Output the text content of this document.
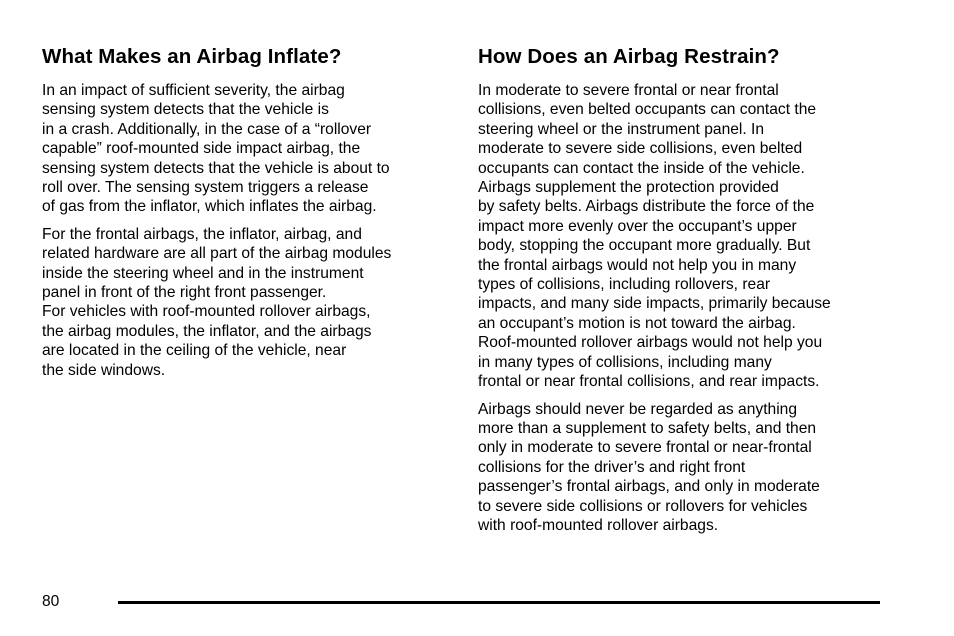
What Makes an Airbag Inflate?

In an impact of sufficient severity, the airbag
sensing system detects that the vehicle is
in a crash. Additionally, in the case of a “rollover
capable” roof-mounted side impact airbag, the
sensing system detects that the vehicle is about to
roll over. The sensing system triggers a release
of gas from the inflator, which inflates the airbag.

For the frontal airbags, the inflator, airbag, and
related hardware are all part of the airbag modules
inside the steering wheel and in the instrument
panel in front of the right front passenger.

For vehicles with roof-mounted rollover airbags,
the airbag modules, the inflator, and the airbags
are located in the ceiling of the vehicle, near
the side windows.

How Does an Airbag Restrain?

In moderate to severe frontal or near frontal
collisions, even belted occupants can contact the
steering wheel or the instrument panel. In
moderate to severe side collisions, even belted
occupants can contact the inside of the vehicle.
Airbags supplement the protection provided
by safety belts. Airbags distribute the force of the
impact more evenly over the occupant’s upper
body, stopping the occupant more gradually. But
the frontal airbags would not help you in many
types of collisions, including rollovers, rear
impacts, and many side impacts, primarily because
an occupant’s motion is not toward the airbag.
Roof-mounted rollover airbags would not help you
in many types of collisions, including many
frontal or near frontal collisions, and rear impacts.

Airbags should never be regarded as anything
more than a supplement to safety belts, and then
only in moderate to severe frontal or near-frontal
collisions for the driver’s and right front
passenger’s frontal airbags, and only in moderate
to severe side collisions or rollovers for vehicles
with roof-mounted rollover airbags.

80
